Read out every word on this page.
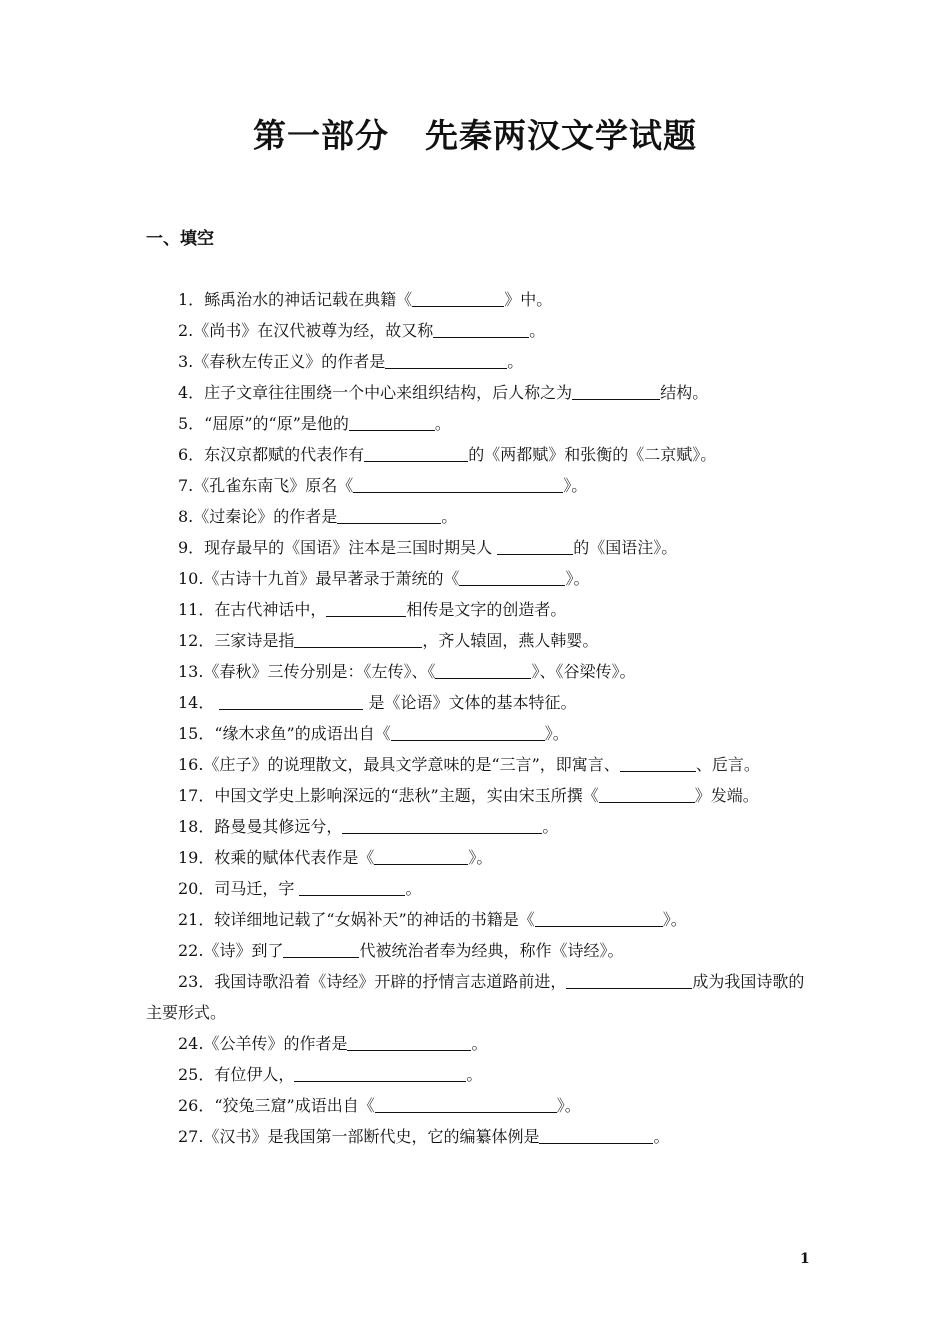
第一部分 先秦两汉文学试题
一、填空
1．鲧禹治水的神话记载在典籍《	》中。
2.《尚书》在汉代被尊为经，故又称	。
3.《春秋左传正义》的作者是	。
4．庄子文章往往围绕一个中心来组织结构，后人称之为	结构。
5．“屈原”的“原”是他的	。
6．东汉京都赋的代表作有	的《两都赋》和张衡的《二京赋》。
7.《孔雀东南飞》原名《	》。
8.《过秦论》的作者是	。
9．现存最早的《国语》注本是三国时期吴人	的《国语注》。
10.《古诗十九首》最早著录于萧统的《	》。
11．在古代神话中，	相传是文字的创造者。
12．三家诗是指	，齐人辕固，燕人韩婴。
13.《春秋》三传分别是：《左传》、《	》、《谷梁传》。
14．	是《论语》文体的基本特征。
15．“缘木求鱼”的成语出自《	》。
16.《庄子》的说理散文，最具文学意味的是“三言”，即寓言、	、卮言。
17．中国文学史上影响深远的“悲秋”主题，实由宋玉所撰《	》发端。
18．路曼曼其修远兮，	。
19．枚乘的赋体代表作是《	》。
20．司马迁，字	。
21．较详细地记载了“女娲补天”的神话的书籍是《	》。
22.《诗》到了	代被统治者奉为经典，称作《诗经》。
23．我国诗歌沿着《诗经》开辟的抒情言志道路前进，	成为我国诗歌的主要形式。
24.《公羊传》的作者是	。
25．有位伊人，	。
26．“狡兔三窟”成语出自《	》。
27.《汉书》是我国第一部断代史，它的编纂体例是	。
1
